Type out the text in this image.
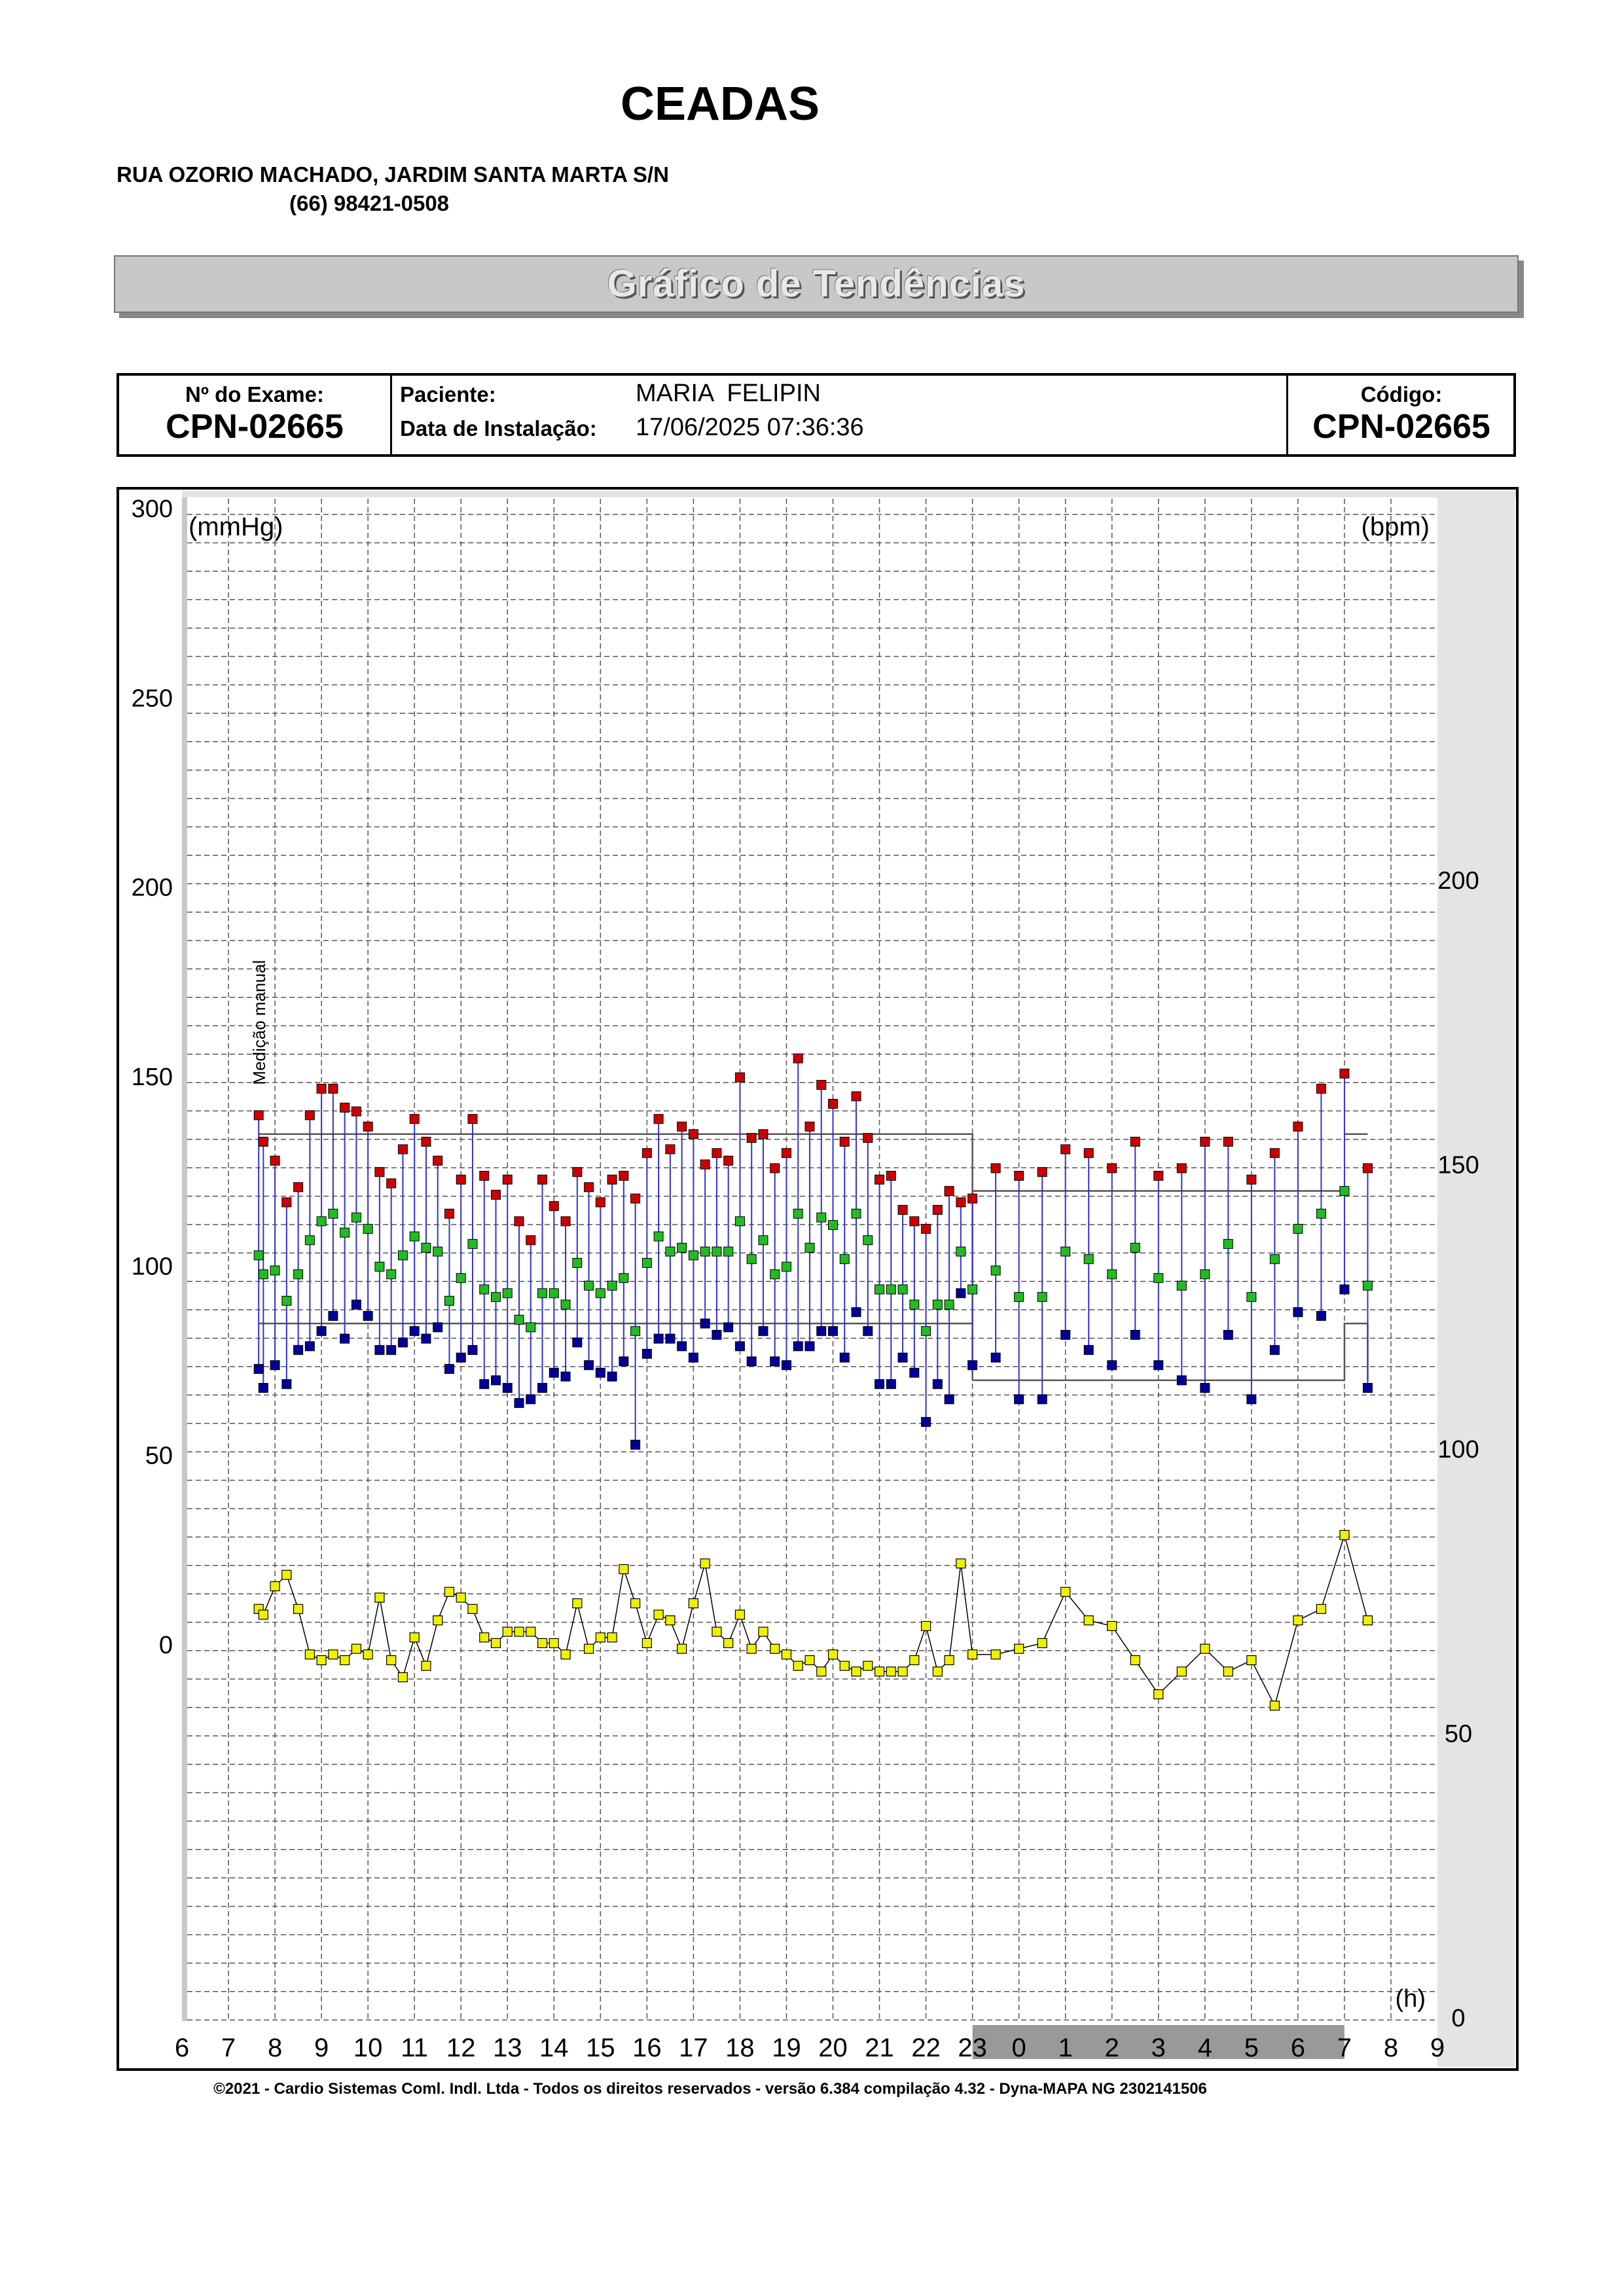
CEADAS
RUA OZORIO MACHADO, JARDIM SANTA MARTA S/N
(66) 98421-0508
Gráfico de Tendências
Nº do Exame:
CPN-02665
Paciente:	MARIA  FELIPIN
Data de Instalação: 17/06/2025 07:36:36
Código:
CPN-02665
300
250
200
150
100
50
0
200
150
100
50
0
6 7 8 9 10 11 12 13 14 15 16 17 18 19 20 21 22 23 0 1 2 3 4 5 6 7 8 9
(mmHg)	(bpm)
(h)
Medição manual
©2021 - Cardio Sistemas Coml. Indl. Ltda - Todos os direitos reservados - versão 6.384 compilação 4.32 - Dyna-MAPA NG 2302141506
